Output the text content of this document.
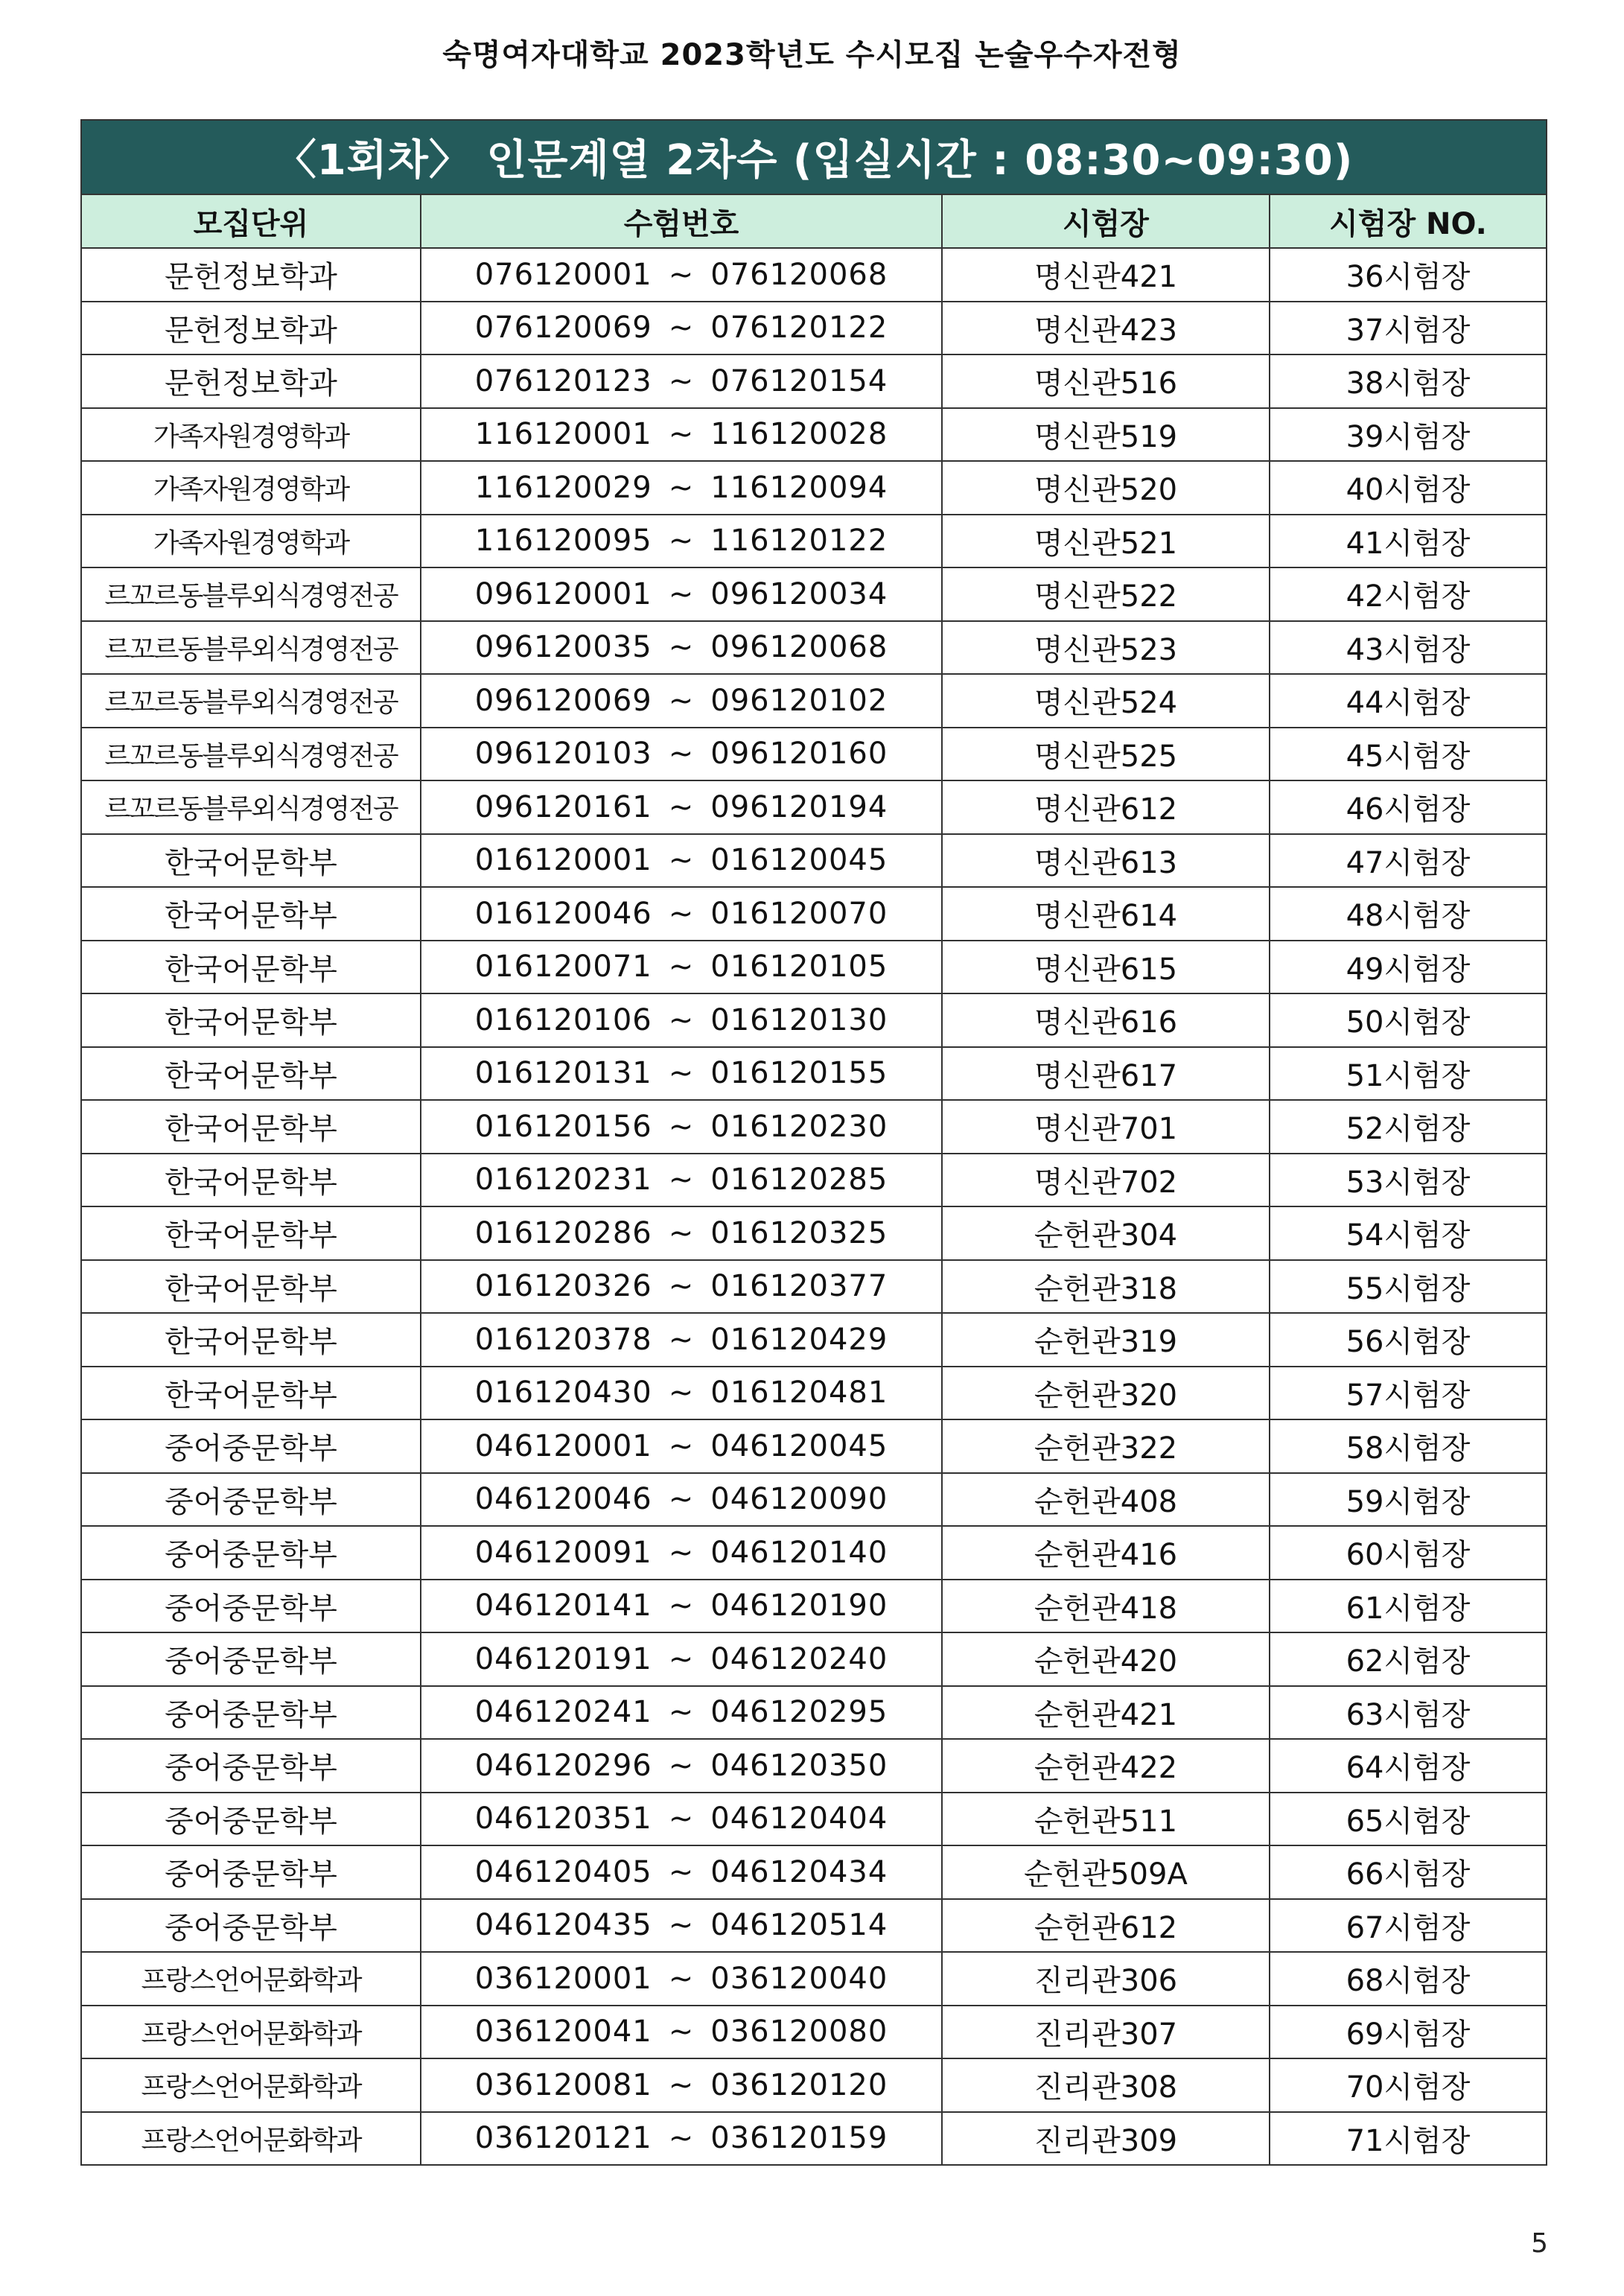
숙명여자대학교 2023학년도 수시모집 논술우수자전형
〈1회차〉 인문계열 2차수 (입실시간 : 08:30~09:30)			
모집단위	수험번호	시험장	시험장 NO.
문헌정보학과	076120001 ~ 076120068	명신관421	36시험장
문헌정보학과	076120069 ~ 076120122	명신관423	37시험장
문헌정보학과	076120123 ~ 076120154	명신관516	38시험장
가족자원경영학과	116120001 ~ 116120028	명신관519	39시험장
가족자원경영학과	116120029 ~ 116120094	명신관520	40시험장
가족자원경영학과	116120095 ~ 116120122	명신관521	41시험장
르꼬르동블루외식경영전공	096120001 ~ 096120034	명신관522	42시험장
르꼬르동블루외식경영전공	096120035 ~ 096120068	명신관523	43시험장
르꼬르동블루외식경영전공	096120069 ~ 096120102	명신관524	44시험장
르꼬르동블루외식경영전공	096120103 ~ 096120160	명신관525	45시험장
르꼬르동블루외식경영전공	096120161 ~ 096120194	명신관612	46시험장
한국어문학부	016120001 ~ 016120045	명신관613	47시험장
한국어문학부	016120046 ~ 016120070	명신관614	48시험장
한국어문학부	016120071 ~ 016120105	명신관615	49시험장
한국어문학부	016120106 ~ 016120130	명신관616	50시험장
한국어문학부	016120131 ~ 016120155	명신관617	51시험장
한국어문학부	016120156 ~ 016120230	명신관701	52시험장
한국어문학부	016120231 ~ 016120285	명신관702	53시험장
한국어문학부	016120286 ~ 016120325	순헌관304	54시험장
한국어문학부	016120326 ~ 016120377	순헌관318	55시험장
한국어문학부	016120378 ~ 016120429	순헌관319	56시험장
한국어문학부	016120430 ~ 016120481	순헌관320	57시험장
중어중문학부	046120001 ~ 046120045	순헌관322	58시험장
중어중문학부	046120046 ~ 046120090	순헌관408	59시험장
중어중문학부	046120091 ~ 046120140	순헌관416	60시험장
중어중문학부	046120141 ~ 046120190	순헌관418	61시험장
중어중문학부	046120191 ~ 046120240	순헌관420	62시험장
중어중문학부	046120241 ~ 046120295	순헌관421	63시험장
중어중문학부	046120296 ~ 046120350	순헌관422	64시험장
중어중문학부	046120351 ~ 046120404	순헌관511	65시험장
중어중문학부	046120405 ~ 046120434	순헌관509A	66시험장
중어중문학부	046120435 ~ 046120514	순헌관612	67시험장
프랑스언어문화학과	036120001 ~ 036120040	진리관306	68시험장
프랑스언어문화학과	036120041 ~ 036120080	진리관307	69시험장
프랑스언어문화학과	036120081 ~ 036120120	진리관308	70시험장
프랑스언어문화학과	036120121 ~ 036120159	진리관309	71시험장
5
